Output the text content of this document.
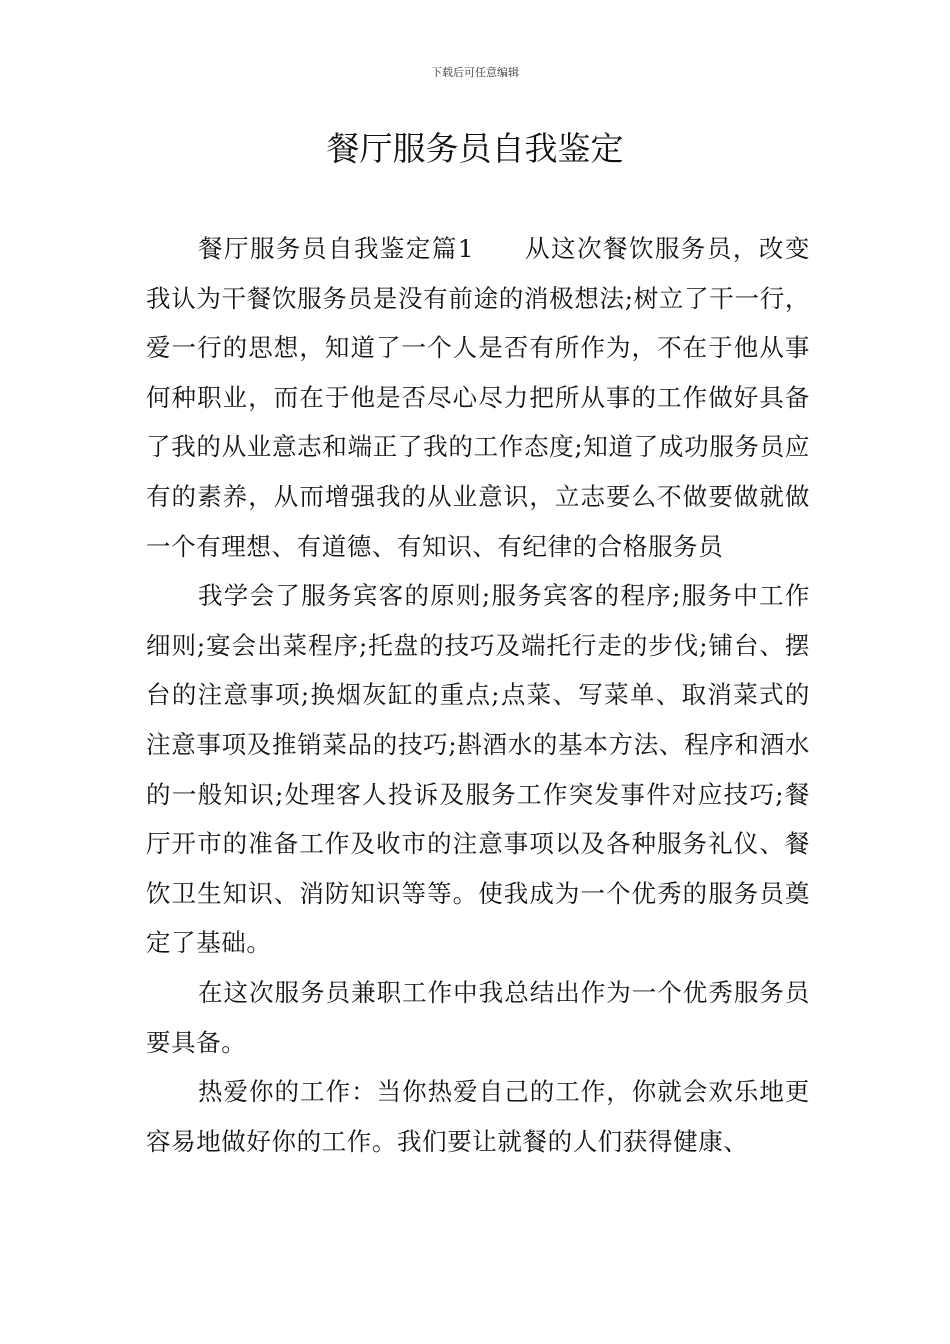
下载后可任意编辑
餐厅服务员自我鉴定

餐厅服务员自我鉴定篇1 从这次餐饮服务员，改变我认为干餐饮服务员是没有前途的消极想法;树立了干一行，爱一行的思想，知道了一个人是否有所作为，不在于他从事何种职业，而在于他是否尽心尽力把所从事的工作做好具备了我的从业意志和端正了我的工作态度;知道了成功服务员应有的素养，从而增强我的从业意识，立志要么不做要做就做一个有理想、有道德、有知识、有纪律的合格服务员

我学会了服务宾客的原则;服务宾客的程序;服务中工作细则;宴会出菜程序;托盘的技巧及端托行走的步伐;铺台、摆台的注意事项;换烟灰缸的重点;点菜、写菜单、取消菜式的注意事项及推销菜品的技巧;斟酒水的基本方法、程序和酒水的一般知识;处理客人投诉及服务工作突发事件对应技巧;餐厅开市的准备工作及收市的注意事项以及各种服务礼仪、餐饮卫生知识、消防知识等等。使我成为一个优秀的服务员奠定了基础。

在这次服务员兼职工作中我总结出作为一个优秀服务员要具备。

热爱你的工作：当你热爱自己的工作，你就会欢乐地更容易地做好你的工作。我们要让就餐的人们获得健康、
